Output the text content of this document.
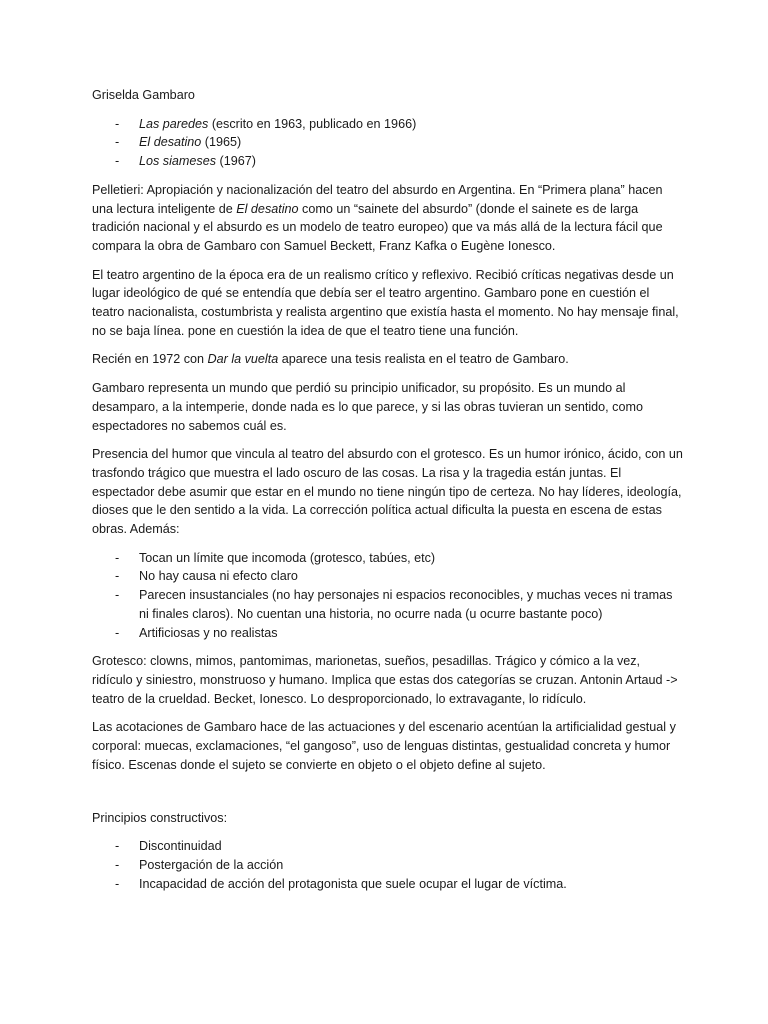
Griselda Gambaro
- Las paredes (escrito en 1963, publicado en 1966)
- El desatino (1965)
- Los siameses (1967)

Pelletieri: Apropiación y nacionalización del teatro del absurdo en Argentina. En “Primera plana” hacen una lectura inteligente de El desatino como un “sainete del absurdo” (donde el sainete es de larga tradición nacional y el absurdo es un modelo de teatro europeo) que va más allá de la lectura fácil que compara la obra de Gambaro con Samuel Beckett, Franz Kafka o Eugène Ionesco.

El teatro argentino de la época era de un realismo crítico y reflexivo. Recibió críticas negativas desde un lugar ideológico de qué se entendía que debía ser el teatro argentino. Gambaro pone en cuestión el teatro nacionalista, costumbrista y realista argentino que existía hasta el momento. No hay mensaje final, no se baja línea. pone en cuestión la idea de que el teatro tiene una función.

Recién en 1972 con Dar la vuelta aparece una tesis realista en el teatro de Gambaro.

Gambaro representa un mundo que perdió su principio unificador, su propósito. Es un mundo al desamparo, a la intemperie, donde nada es lo que parece, y si las obras tuvieran un sentido, como espectadores no sabemos cuál es.

Presencia del humor que vincula al teatro del absurdo con el grotesco. Es un humor irónico, ácido, con un trasfondo trágico que muestra el lado oscuro de las cosas. La risa y la tragedia están juntas. El espectador debe asumir que estar en el mundo no tiene ningún tipo de certeza. No hay líderes, ideología, dioses que le den sentido a la vida. La corrección política actual dificulta la puesta en escena de estas obras. Además:

- Tocan un límite que incomoda (grotesco, tabúes, etc)
- No hay causa ni efecto claro
- Parecen insustanciales (no hay personajes ni espacios reconocibles, y muchas veces ni tramas ni finales claros). No cuentan una historia, no ocurre nada (u ocurre bastante poco)
- Artificiosas y no realistas

Grotesco: clowns, mimos, pantomimas, marionetas, sueños, pesadillas. Trágico y cómico a la vez, ridículo y siniestro, monstruoso y humano. Implica que estas dos categorías se cruzan. Antonin Artaud -> teatro de la crueldad. Becket, Ionesco. Lo desproporcionado, lo extravagante, lo ridículo.

Las acotaciones de Gambaro hace de las actuaciones y del escenario acentúan la artificialidad gestual y corporal: muecas, exclamaciones, “el gangoso”, uso de lenguas distintas, gestualidad concreta y humor físico. Escenas donde el sujeto se convierte en objeto o el objeto define al sujeto.

Principios constructivos:

- Discontinuidad
- Postergación de la acción
- Incapacidad de acción del protagonista que suele ocupar el lugar de víctima.
